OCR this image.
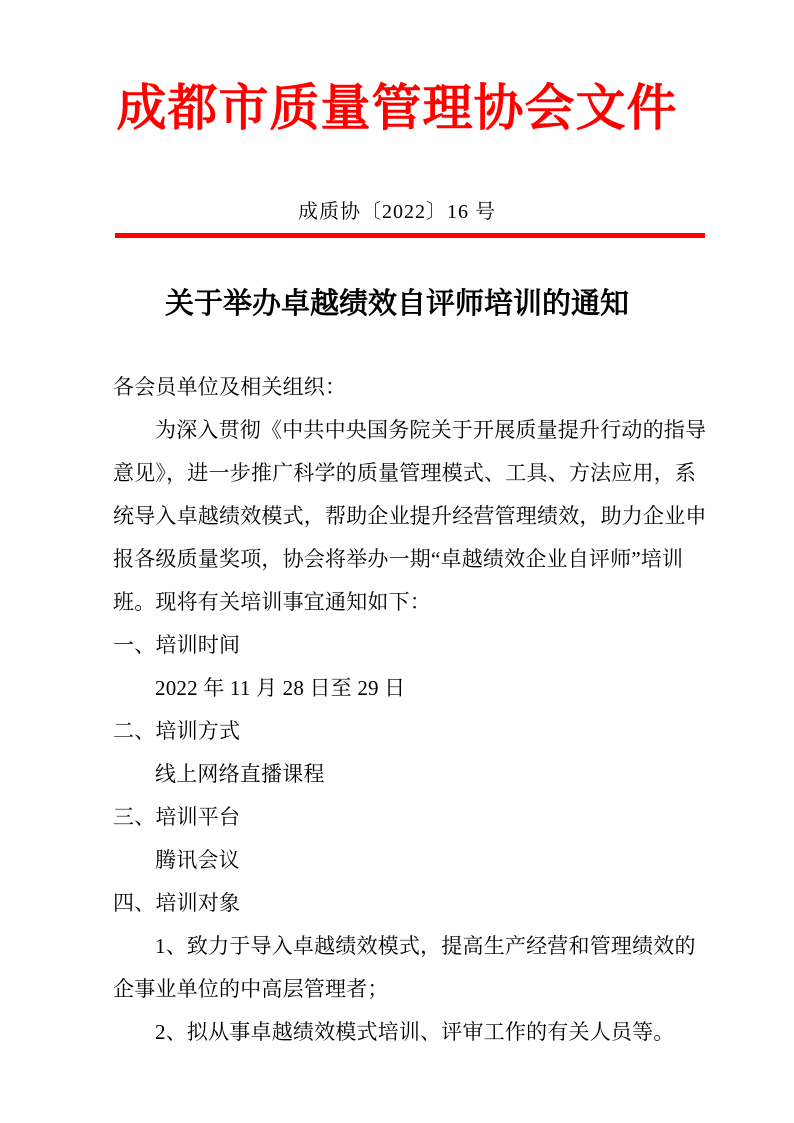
成都市质量管理协会文件
成质协〔2022〕16 号
关于举办卓越绩效自评师培训的通知
各会员单位及相关组织：
为深入贯彻《中共中央国务院关于开展质量提升行动的指导
意见》，进一步推广科学的质量管理模式、工具、方法应用，系
统导入卓越绩效模式，帮助企业提升经营管理绩效，助力企业申
报各级质量奖项，协会将举办一期“卓越绩效企业自评师”培训
班。现将有关培训事宜通知如下：
一、培训时间
2022 年 11 月 28 日至 29 日
二、培训方式
线上网络直播课程
三、培训平台
腾讯会议
四、培训对象
1、致力于导入卓越绩效模式，提高生产经营和管理绩效的
企事业单位的中高层管理者；
2、拟从事卓越绩效模式培训、评审工作的有关人员等。
